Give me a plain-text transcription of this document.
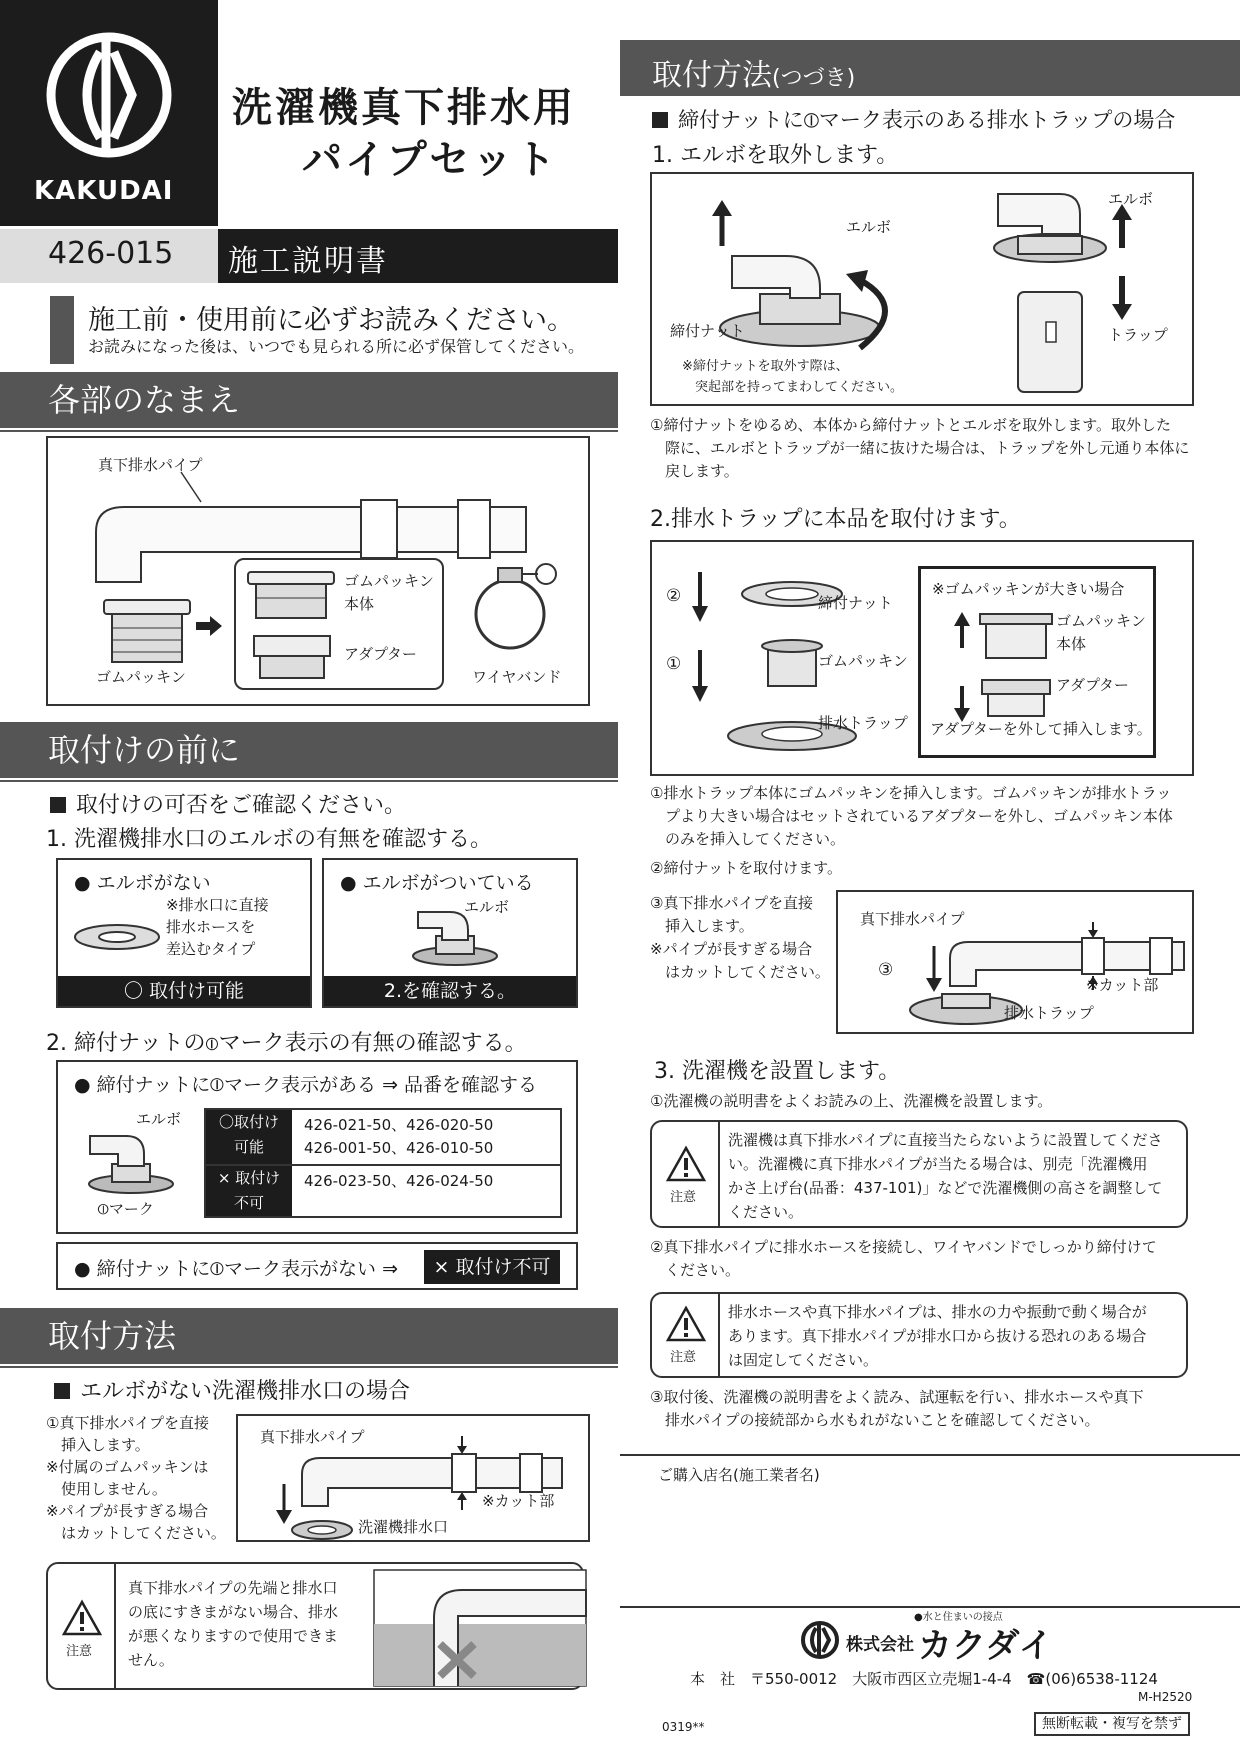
KAKUDAI
洗濯機真下排水用
パイプセット
426-015 施工説明書
施工前・使用前に必ずお読みください。
お読みになった後は、いつでも見られる所に必ず保管してください。
各部のなまえ
真下排水パイプ
ゴムパッキン
ゴムパッキン
本体
アダプター
ワイヤバンド
取付けの前に
取付けの可否をご確認ください。
1. 洗濯機排水口のエルボの有無を確認する。
● エルボがない
※排水口に直接
排水ホースを
差込むタイプ
〇 取付け可能
● エルボがついている
エルボ
2.を確認する。
2. 締付ナットの⦶マーク表示の有無の確認する。
● 締付ナットに⦶マーク表示がある ⇒ 品番を確認する
エルボ
⦶マーク
〇取付け
可能
426-021-50、426-020-50
426-001-50、426-010-50
× 取付け
不可
426-023-50、426-024-50
● 締付ナットに⦶マーク表示がない ⇒	× 取付け不可
取付方法
エルボがない洗濯機排水口の場合
①真下排水パイプを直接
　挿入します。
※付属のゴムパッキンは
　使用しません。
※パイプが長すぎる場合
　はカットしてください。
真下排水パイプ
※カット部
洗濯機排水口
注意
真下排水パイプの先端と排水口
の底にすきまがない場合、排水
が悪くなりますので使用できま
せん。
取付方法(つづき)
締付ナットに⦶マーク表示のある排水トラップの場合
1. エルボを取外します。
エルボ
締付ナット
※締付ナットを取外す際は、
　突起部を持ってまわしてください。
エルボ
トラップ
①締付ナットをゆるめ、本体から締付ナットとエルボを取外します。取外した
　際に、エルボとトラップが一緒に抜けた場合は、トラップを外し元通り本体に
　戻します。
2.排水トラップに本品を取付けます。
②
①
締付ナット
ゴムパッキン
排水トラップ
※ゴムパッキンが大きい場合
ゴムパッキン
本体
アダプター
アダプターを外して挿入します。
①排水トラップ本体にゴムパッキンを挿入します。ゴムパッキンが排水トラッ
　プより大きい場合はセットされているアダプターを外し、ゴムパッキン本体
　のみを挿入してください。
②締付ナットを取付けます。
③真下排水パイプを直接
　挿入します。
※パイプが長すぎる場合
　はカットしてください。
真下排水パイプ
③
※カット部
排水トラップ
3. 洗濯機を設置します。
①洗濯機の説明書をよくお読みの上、洗濯機を設置します。
注意
洗濯機は真下排水パイプに直接当たらないように設置してくださ
い。洗濯機に真下排水パイプが当たる場合は、別売「洗濯機用
かさ上げ台(品番：437-101)」などで洗濯機側の高さを調整して
ください。
②真下排水パイプに排水ホースを接続し、ワイヤバンドでしっかり締付けて
　ください。
注意
排水ホースや真下排水パイプは、排水の力や振動で動く場合が
あります。真下排水パイプが排水口から抜ける恐れのある場合
は固定してください。
③取付後、洗濯機の説明書をよく読み、試運転を行い、排水ホースや真下
　排水パイプの接続部から水もれがないことを確認してください。
ご購入店名(施工業者名)
●水と住まいの接点
株式会社 カクダイ
本　社　〒550-0012　大阪市西区立売堀1-4-4　☎(06)6538-1124
M-H2520
0319**	無断転載・複写を禁ず
